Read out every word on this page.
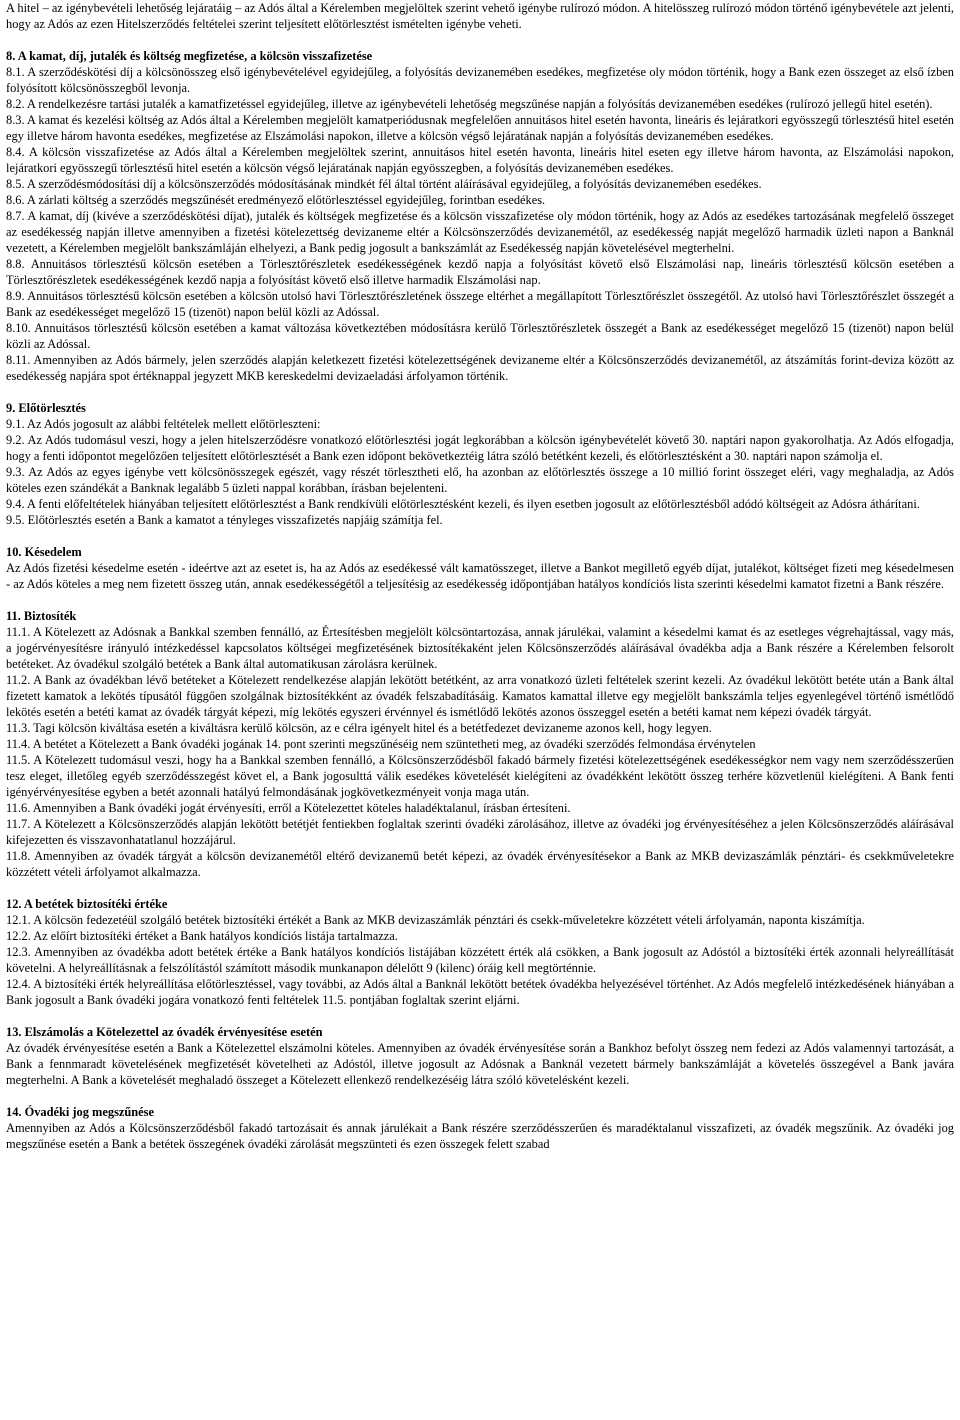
A hitel – az igénybevételi lehetőség lejáratáig – az Adós által a Kérelemben megjelöltek szerint vehető igénybe rulírozó módon. A hitelösszeg rulírozó módon történő igénybevétele azt jelenti, hogy az Adós az ezen Hitelszerződés feltételei szerint teljesített előtörlesztést ismételten igénybe veheti.

8. A kamat, díj, jutalék és költség megfizetése, a kölcsön visszafizetése

8.1. A szerződéskötési díj a kölcsönösszeg első igénybevételével egyidejűleg, a folyósítás devizanemében esedékes, megfizetése oly módon történik, hogy a Bank ezen összeget az első ízben folyósított kölcsönösszegből levonja.

8.2. A rendelkezésre tartási jutalék a kamatfizetéssel egyidejűleg, illetve az igénybevételi lehetőség megszűnése napján a folyósítás devizanemében esedékes (rulírozó jellegű hitel esetén).

8.3. A kamat és kezelési költség az Adós által a Kérelemben megjelölt kamatperiódusnak megfelelően annuitásos hitel esetén havonta, lineáris és lejáratkori egyösszegű törlesztésű hitel esetén egy illetve három havonta esedékes, megfizetése az Elszámolási napokon, illetve a kölcsön végső lejáratának napján a folyósítás devizanemében esedékes.

8.4. A kölcsön visszafizetése az Adós által a Kérelemben megjelöltek szerint, annuitásos hitel esetén havonta, lineáris hitel eseten egy illetve három havonta, az Elszámolási napokon, lejáratkori egyösszegű törlesztésű hitel esetén a kölcsön végső lejáratának napján egyösszegben, a folyósítás devizanemében esedékes.

8.5. A szerződésmódosítási díj a kölcsönszerződés módosításának mindkét fél által történt aláírásával egyidejűleg, a folyósítás devizanemében esedékes.

8.6. A zárlati költség a szerződés megszűnését eredményező előtörlesztéssel egyidejűleg, forintban esedékes.

8.7. A kamat, díj (kivéve a szerződéskötési díjat), jutalék és költségek megfizetése és a kölcsön visszafizetése oly módon történik, hogy az Adós az esedékes tartozásának megfelelő összeget az esedékesség napján illetve amennyiben a fizetési kötelezettség devizaneme eltér a Kölcsönszerződés devizanemétől, az esedékesség napját megelőző harmadik üzleti napon a Banknál vezetett, a Kérelemben megjelölt bankszámláján elhelyezi, a Bank pedig jogosult a bankszámlát az Esedékesség napján követelésével megterhelni.

8.8. Annuitásos törlesztésű kölcsön esetében a Törlesztőrészletek esedékességének kezdő napja a folyósítást követő első Elszámolási nap, lineáris törlesztésű kölcsön esetében a Törlesztőrészletek esedékességének kezdő napja a folyósítást követő első illetve harmadik Elszámolási nap.

8.9. Annuitásos törlesztésű kölcsön esetében a kölcsön utolsó havi Törlesztőrészletének összege eltérhet a megállapított Törlesztőrészlet összegétől. Az utolsó havi Törlesztőrészlet összegét a Bank az esedékességet megelőző 15 (tizenöt) napon belül közli az Adóssal.

8.10. Annuitásos törlesztésű kölcsön esetében a kamat változása következtében módosításra kerülő Törlesztőrészletek összegét a Bank az esedékességet megelőző 15 (tizenöt) napon belül közli az Adóssal.

8.11. Amennyiben az Adós bármely, jelen szerződés alapján keletkezett fizetési kötelezettségének devizaneme eltér a Kölcsönszerződés devizanemétől, az átszámítás forint-deviza között az esedékesség napjára spot értéknappal jegyzett MKB kereskedelmi devizaeladási árfolyamon történik.

9. Előtörlesztés

9.1. Az Adós jogosult az alábbi feltételek mellett előtörleszteni:

9.2. Az Adós tudomásul veszi, hogy a jelen hitelszerződésre vonatkozó előtörlesztési jogát legkorábban a kölcsön igénybevételét követő 30. naptári napon gyakorolhatja. Az Adós elfogadja, hogy a fenti időpontot megelőzően teljesített előtörlesztését a Bank ezen időpont bekövetkeztéig látra szóló betétként kezeli, és előtörlesztésként a 30. naptári napon számolja el.

9.3. Az Adós az egyes igénybe vett kölcsönösszegek egészét, vagy részét törlesztheti elő, ha azonban az előtörlesztés összege a 10 millió forint összeget eléri, vagy meghaladja, az Adós köteles ezen szándékát a Banknak legalább 5 üzleti nappal korábban, írásban bejelenteni.

9.4. A fenti előfeltételek hiányában teljesített előtörlesztést a Bank rendkívüli előtörlesztésként kezeli, és ilyen esetben jogosult az előtörlesztésből adódó költségeit az Adósra áthárítani.

9.5. Előtörlesztés esetén a Bank a kamatot a tényleges visszafizetés napjáig számítja fel.

10. Késedelem

Az Adós fizetési késedelme esetén - ideértve azt az esetet is, ha az Adós az esedékessé vált kamatösszeget, illetve a Bankot megillető egyéb díjat, jutalékot, költséget fizeti meg késedelmesen - az Adós köteles a meg nem fizetett összeg után, annak esedékességétől a teljesítésig az esedékesség időpontjában hatályos kondíciós lista szerinti késedelmi kamatot fizetni a Bank részére.

11. Biztosíték

11.1. A Kötelezett az Adósnak a Bankkal szemben fennálló, az Értesítésben megjelölt kölcsöntartozása, annak járulékai, valamint a késedelmi kamat és az esetleges végrehajtással, vagy más, a jogérvényesítésre irányuló intézkedéssel kapcsolatos költségei megfizetésének biztosítékaként jelen Kölcsönszerződés aláírásával óvadékba adja a Bank részére a Kérelemben felsorolt betéteket. Az óvadékul szolgáló betétek a Bank által automatikusan zárolásra kerülnek.

11.2. A Bank az óvadékban lévő betéteket a Kötelezett rendelkezése alapján lekötött betétként, az arra vonatkozó üzleti feltételek szerint kezeli. Az óvadékul lekötött betéte után a Bank által fizetett kamatok a lekötés típusától függően szolgálnak biztosítékként az óvadék felszabadításáig. Kamatos kamattal illetve egy megjelölt bankszámla teljes egyenlegével történő ismétlődő lekötés esetén a betéti kamat az óvadék tárgyát képezi, míg lekötés egyszeri érvénnyel és ismétlődő lekötés azonos összeggel esetén a betéti kamat nem képezi óvadék tárgyát.

11.3. Tagi kölcsön kiváltása esetén a kiváltásra kerülő kölcsön, az e célra igényelt hitel és a betétfedezet devizaneme azonos kell, hogy legyen.

11.4. A betétet a Kötelezett a Bank óvadéki jogának 14. pont szerinti megszűnéséig nem szüntetheti meg, az óvadéki szerződés felmondása érvénytelen

11.5. A Kötelezett tudomásul veszi, hogy ha a Bankkal szemben fennálló, a Kölcsönszerződésből fakadó bármely fizetési kötelezettségének esedékességkor nem vagy nem szerződésszerűen tesz eleget, illetőleg egyéb szerződésszegést követ el, a Bank jogosulttá válik esedékes követelését kielégíteni az óvadékként lekötött összeg terhére közvetlenül kielégíteni. A Bank fenti igényérvényesítése egyben a betét azonnali hatályú felmondásának jogkövetkezményeit vonja maga után.

11.6. Amennyiben a Bank óvadéki jogát érvényesíti, erről a Kötelezettet köteles haladéktalanul, írásban értesíteni.

11.7. A Kötelezett a Kölcsönszerződés alapján lekötött betétjét fentiekben foglaltak szerinti óvadéki zárolásához, illetve az óvadéki jog érvényesítéséhez a jelen Kölcsönszerződés aláírásával kifejezetten és visszavonhatatlanul hozzájárul.

11.8. Amennyiben az óvadék tárgyát a kölcsön devizanemétől eltérő devizanemű betét képezi, az óvadék érvényesítésekor a Bank az MKB devizaszámlák pénztári- és csekkműveletekre közzétett vételi árfolyamot alkalmazza.

12. A betétek biztosítéki értéke

12.1. A kölcsön fedezetéül szolgáló betétek biztosítéki értékét a Bank az MKB devizaszámlák pénztári és csekk-műveletekre közzétett vételi árfolyamán, naponta kiszámítja.

12.2. Az előírt biztosítéki értéket a Bank hatályos kondíciós listája tartalmazza.

12.3. Amennyiben az óvadékba adott betétek értéke a Bank hatályos kondíciós listájában közzétett érték alá csökken, a Bank jogosult az Adóstól a biztosítéki érték azonnali helyreállítását követelni. A helyreállításnak a felszólítástól számított második munkanapon délelőtt 9 (kilenc) óráig kell megtörténnie.

12.4. A biztosítéki érték helyreállítása előtörlesztéssel, vagy további, az Adós által a Banknál lekötött betétek óvadékba helyezésével történhet. Az Adós megfelelő intézkedésének hiányában a Bank jogosult a Bank óvadéki jogára vonatkozó fenti feltételek 11.5. pontjában foglaltak szerint eljárni.

13. Elszámolás a Kötelezettel az óvadék érvényesítése esetén

Az óvadék érvényesítése esetén a Bank a Kötelezettel elszámolni köteles. Amennyiben az óvadék érvényesítése során a Bankhoz befolyt összeg nem fedezi az Adós valamennyi tartozását, a Bank a fennmaradt követelésének megfizetését követelheti az Adóstól, illetve jogosult az Adósnak a Banknál vezetett bármely bankszámláját a követelés összegével a Bank javára megterhelni. A Bank a követelését meghaladó összeget a Kötelezett ellenkező rendelkezéséig látra szóló követelésként kezeli.

14. Óvadéki jog megszűnése

Amennyiben az Adós a Kölcsönszerződésből fakadó tartozásait és annak járulékait a Bank részére szerződésszerűen és maradéktalanul visszafizeti, az óvadék megszűnik. Az óvadéki jog megszűnése esetén a Bank a betétek összegének óvadéki zárolását megszünteti és ezen összegek felett szabad
